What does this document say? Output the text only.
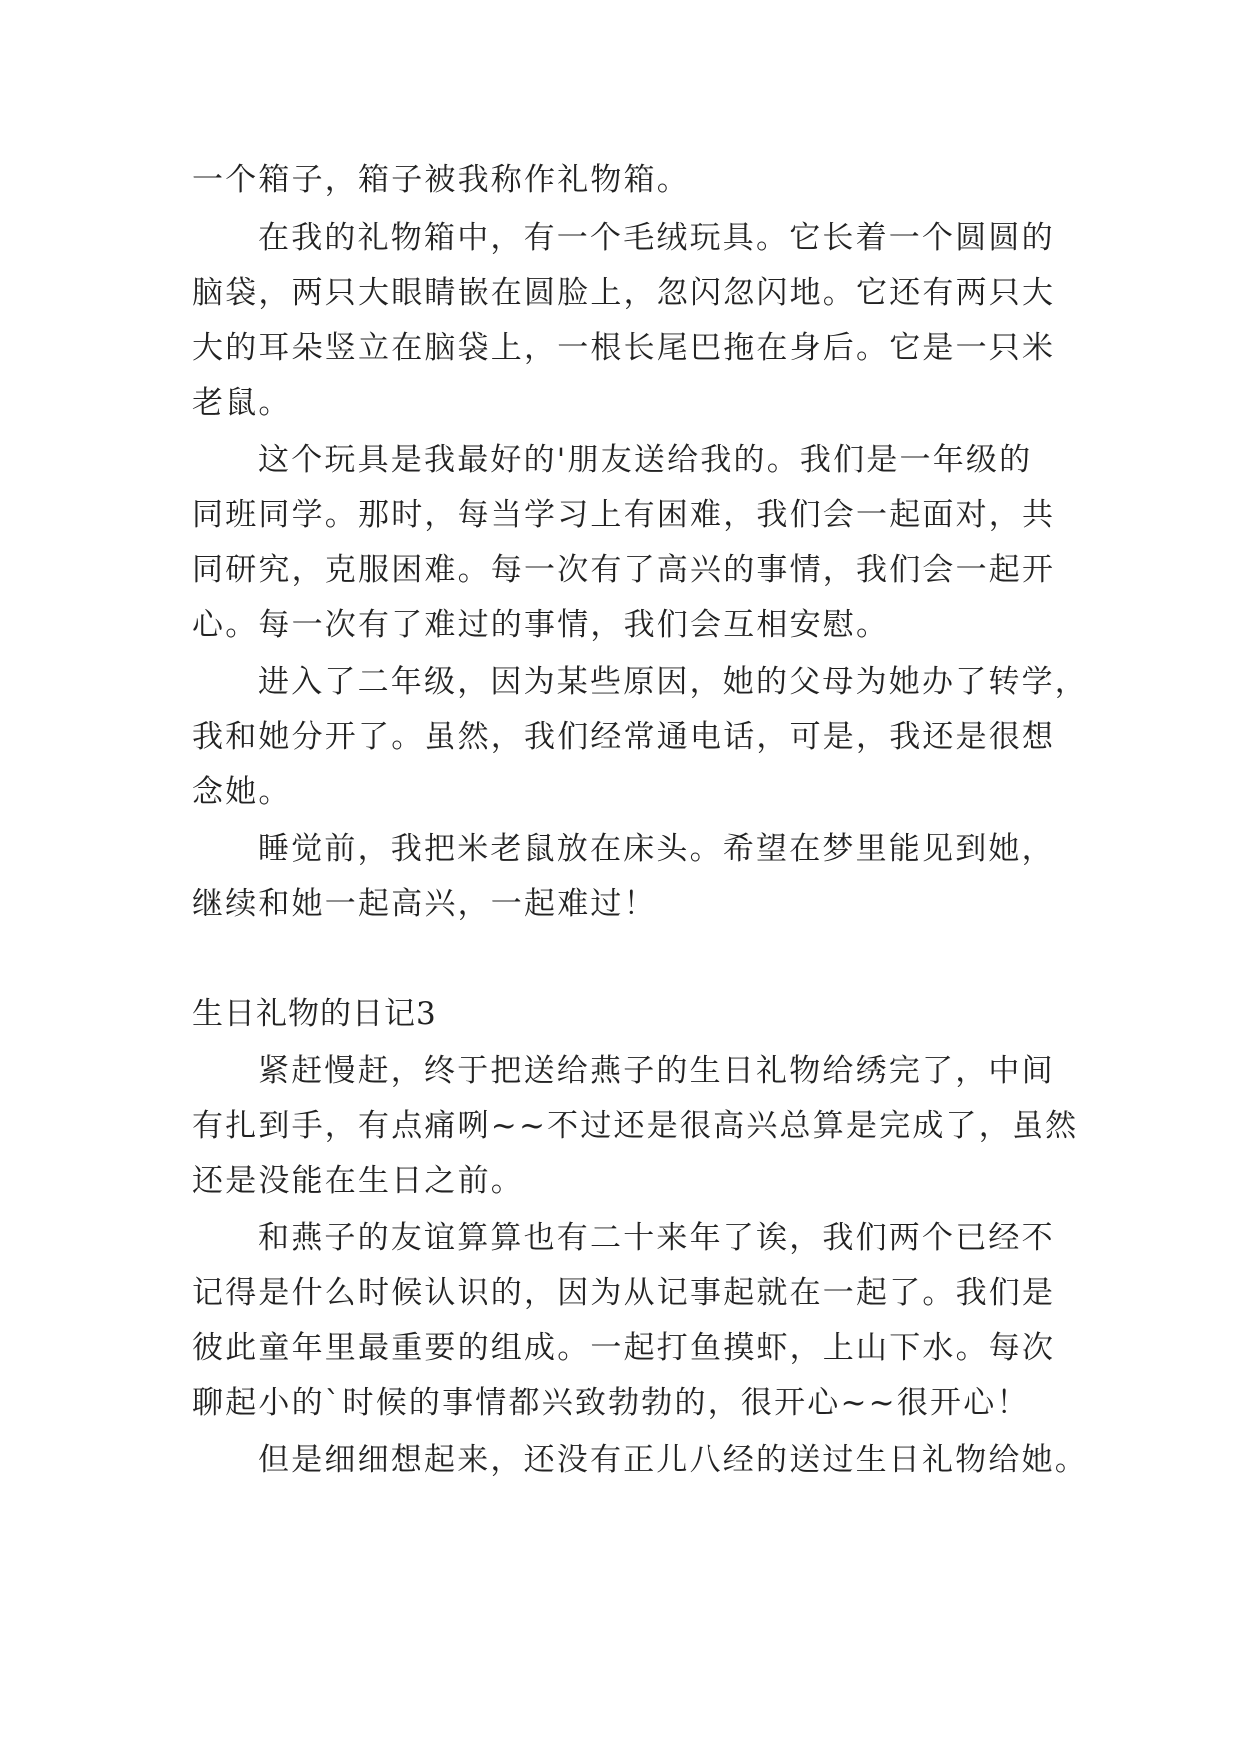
一个箱子，箱子被我称作礼物箱。
在我的礼物箱中，有一个毛绒玩具。它长着一个圆圆的
脑袋，两只大眼睛嵌在圆脸上，忽闪忽闪地。它还有两只大
大的耳朵竖立在脑袋上，一根长尾巴拖在身后。它是一只米
老鼠。
这个玩具是我最好的'朋友送给我的。我们是一年级的
同班同学。那时，每当学习上有困难，我们会一起面对，共
同研究，克服困难。每一次有了高兴的事情，我们会一起开
心。每一次有了难过的事情，我们会互相安慰。
进入了二年级，因为某些原因，她的父母为她办了转学，
我和她分开了。虽然，我们经常通电话，可是，我还是很想
念她。
睡觉前，我把米老鼠放在床头。希望在梦里能见到她，
继续和她一起高兴，一起难过！
生日礼物的日记3
紧赶慢赶，终于把送给燕子的生日礼物给绣完了，中间
有扎到手，有点痛咧~~不过还是很高兴总算是完成了，虽然
还是没能在生日之前。
和燕子的友谊算算也有二十来年了诶，我们两个已经不
记得是什么时候认识的，因为从记事起就在一起了。我们是
彼此童年里最重要的组成。一起打鱼摸虾，上山下水。每次
聊起小的`时候的事情都兴致勃勃的，很开心~~很开心！
但是细细想起来，还没有正儿八经的送过生日礼物给她。
